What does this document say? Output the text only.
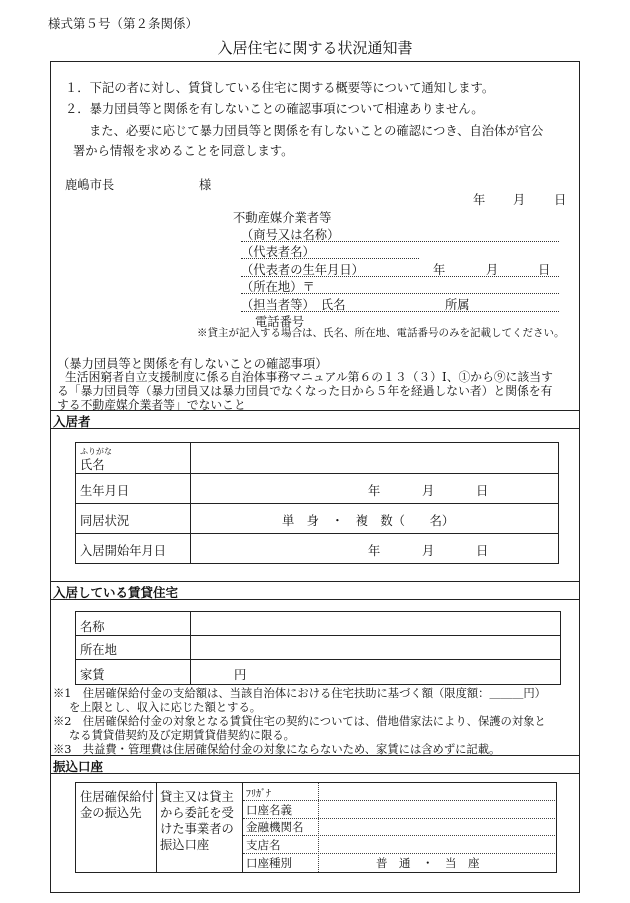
様式第５号（第２条関係）
入居住宅に関する状況通知書
１．下記の者に対し、賃貸している住宅に関する概要等について通知します。
２．暴力団員等と関係を有しないことの確認事項について相違ありません。
また、必要に応じて暴力団員等と関係を有しないことの確認につき、自治体が官公
署から情報を求めることを同意します。
鹿嶋市長	様
年 月 日
不動産媒介業者等
（商号又は名称）
（代表者名）
（代表者の生年月日）	年	月	日
（所在地）〒
（担当者等）　氏名	所属
電話番号
※貸主が記入する場合は、氏名、所在地、電話番号のみを記載してください。
（暴力団員等と関係を有しないことの確認事項）
生活困窮者自立支援制度に係る自治体事務マニュアル第６の１３（３）Ⅰ、①から⑨に該当す
る「暴力団員等（暴力団員又は暴力団員でなくなった日から５年を経過しない者）と関係を有
する不動産媒介業者等」でないこと
入居者
ふりがな
氏名
生年月日	年	月	日
同居状況	単　身　・　複　数（　　名）
入居開始年月日	年	月	日
入居している賃貸住宅
名称
所在地
家賃	円
※1　住居確保給付金の支給額は、当該自治体における住宅扶助に基づく額（限度額：＿＿＿円）
を上限とし、収入に応じた額とする。
※2　住居確保給付金の対象となる賃貸住宅の契約については、借地借家法により、保護の対象と
なる賃貸借契約及び定期賃貸借契約に限る。
※3　共益費・管理費は住居確保給付金の対象にならないため、家賃には含めずに記載。
振込口座
住居確保給付
金の振込先
貸主又は貸主
から委託を受
けた事業者の
振込口座
ﾌﾘｶﾞﾅ
口座名義
金融機関名
支店名
口座種別	普　通　・　当　座
